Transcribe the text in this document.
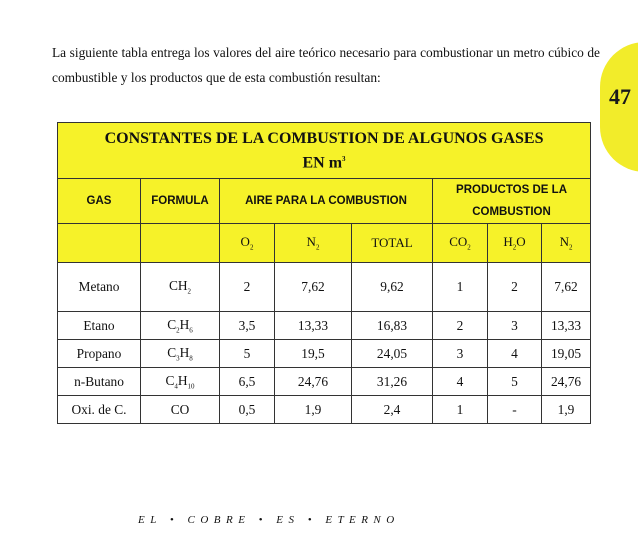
La siguiente tabla entrega los valores del aire teórico necesario para combustionar un metro cúbico de combustible y los productos que de esta combustión resultan:

47
CONSTANTES DE LA COMBUSTION DE ALGUNOS GASES
EN $m^3$
GAS	FORMULA	AIRE PARA LA COMBUSTION			PRODUCTOS DE LA COMBUSTION		
		$O_2$	$N_2$	TOTAL	$CO_2$	$H_2O$	$N_2$
Metano	$CH_2$	2	7,62	9,62	1	2	7,62
Etano	$C_2H_6$	3,5	13,33	16,83	2	3	13,33
Propano	$C_3H_8$	5	19,5	24,05	3	4	19,05
n-Butano	$C_4H_{10}$	6,5	24,76	31,26	4	5	24,76
Oxi. de C.	CO	0,5	1,9	2,4	1	-	1,9
E  L     •     C  O  B  R  E     •     E  S     •     E  T  E  R  N  O
